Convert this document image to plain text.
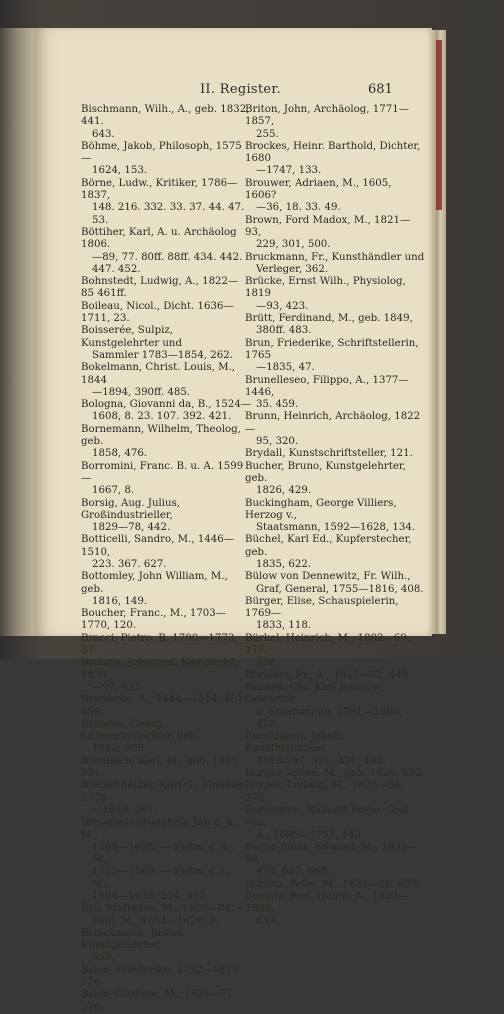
II. Register.	681
Bischmann, Wilh., A., geb. 1832, 441.
643.
Böhme, Jakob, Philosoph, 1575—
1624, 153.
Börne, Ludw., Kritiker, 1786—1837,
148. 216. 332. 33. 37. 44. 47. 53.
Böttiher, Karl, A. u. Archäolog 1806.
—89, 77. 80ff. 88ff. 434. 442.
447. 452.
Bohnstedt, Ludwig, A., 1822—85 461ff.
Boileau, Nicol., Dicht. 1636—1711, 23.
Boisserée, Sulpiz, Kunstgelehrter und
Sammler 1783—1854, 262.
Bokelmann, Christ. Louis, M., 1844
—1894, 390ff. 485.
Bologna, Giovanni da, B., 1524—
1608, 8. 23. 107. 392. 421.
Bornemann, Wilhelm, Theolog, geb.
1858, 476.
Borromini, Franc. B. u. A. 1599—
1667, 8.
Borsig, Aug. Julius, Großindustrieller,
1829—78, 442.
Botticelli, Sandro, M., 1446—1510,
223. 367. 627.
Bottomley, John William, M., geb.
1816, 149.
Boucher, Franc., M., 1703—1770, 120.
Bracci, Pietro, B. 1700—1773, 37.
Brahms, Johannes, Komponist, 1833
—97, 625.
Bramante, A., 1444—1514, 451. 459.
Brandes, Georg, Litterarhistoriker, geb.
1842, 609.
Breitbach, Karl, M., geb. 1833, 351.
Bretschneider, Karl G., Theolog, 1776
—1848, 267.
Breughel (Brueghel), Jan d. ä., M.,
1568—1625. — Pieter d. ä., M.,
1525—1569. — Pieter d. j., M.,
1564—1638, 214. 371.
Bril, Matthäus, M., 1550—84. —
Paul, M., 1554—1626, 9.
Brinckmann, Justus, Kunstgelehrter,
659.
Brion, Friederike, 1752—1813, 376.
Brion, Gustave, M., 1824—77, 376.
Briton, John, Archäolog, 1771—1857,
255.
Brockes, Heinr. Barthold, Dichter, 1680
—1747, 133.
Brouwer, Adriaen, M., 1605, 1606?
—36, 18. 33. 49.
Brown, Ford Madox, M., 1821—93,
229, 301, 500.
Bruckmann, Fr., Kunsthändler und
Verleger, 362.
Brücke, Ernst Wilh., Physiolog, 1819
—93, 423.
Brütt, Ferdinand, M., geb. 1849,
380ff. 483.
Brun, Friederike, Schriftstellerin, 1765
—1835, 47.
Brunelleseo, Filippo, A., 1377—1446,
35. 459.
Brunn, Heinrich, Archäolog, 1822—
95, 320.
Brydall, Kunstschriftsteller, 121.
Bucher, Bruno, Kunstgelehrter, geb.
1826, 429.
Buckingham, George Villiers, Herzog v.,
Staatsmann, 1592—1628, 134.
Büchel, Karl Ed., Kupferstecher, geb.
1835, 622.
Bülow von Dennewitz, Fr. Wilh.,
Graf, General, 1755—1816, 408.
Bürger, Elise, Schauspielerin, 1769—
1833, 118.
Bürkel, Heinrich, M., 1802—69, 177.
359.
Bürklein, Fr., A., 1813—72, 449.
Bunsen, Chr. Karl Josias v., Gelehrter
u. Staatsmann, 1791—1860, 470.
Burckhardt, Jakob, Kunsthistoriker,
1818—97, 321. 421. 460.
Burger, Anton, M., geb. 1828, 632.
Burger, Ludwig, M., 1825—84, 372.
Burlington, Richard Boyle, Graf von,
A., 1695—1753, 143.
Burne-Jones, Edward, M., 1833—98,
478. 627. 660.
Burnitz, Peter, M., 1824—86, 633.
Burnitz, Rud. Heinr., A., 1827—1880,
637.
